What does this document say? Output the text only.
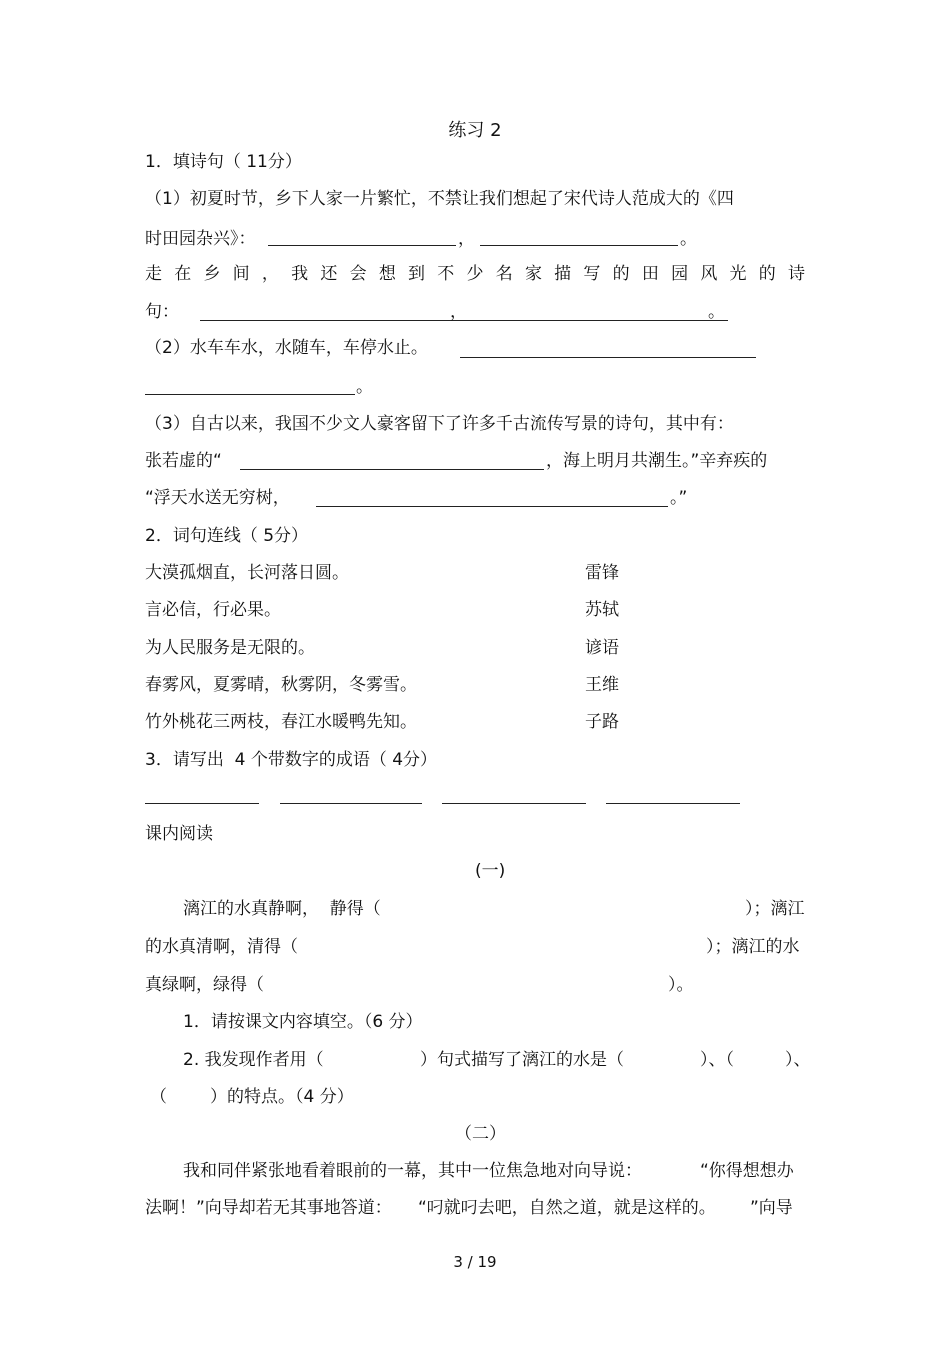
练习 2
1．填诗句（ 11分）
（1）初夏时节，乡下人家一片繁忙，不禁让我们想起了宋代诗人范成大的《四
时田园杂兴》：	，	。
走在乡间，我还会想到不少名家描写的田园风光的诗
句：	，	。
（2）水车车水，水随车，车停水止。
。
（3）自古以来，我国不少文人豪客留下了许多千古流传写景的诗句，其中有：
张若虚的“	，海上明月共潮生。”辛弃疾的
“浮天水送无穷树，	。”
2．词句连线（ 5分）
大漠孤烟直，长河落日圆。	雷锋
言必信，行必果。	苏轼
为人民服务是无限的。	谚语
春雾风，夏雾晴，秋雾阴，冬雾雪。	王维
竹外桃花三两枝，春江水暖鸭先知。	子路
3．请写出  4 个带数字的成语（ 4分）
课内阅读
(一)
漓江的水真静啊，  静得（	）；漓江
的水真清啊，清得（	）；漓江的水
真绿啊，绿得（	）。
1．请按课文内容填空。（6 分）
2. 我发现作者用（	）句式描写了漓江的水是（	）、（	）、
（	）的特点。（4 分）
（二）
我和同伴紧张地看着眼前的一幕，其中一位焦急地对向导说：	“你得想想办
法啊！”向导却若无其事地答道： “叼就叼去吧，自然之道，就是这样的。 ”向导
3 / 19
